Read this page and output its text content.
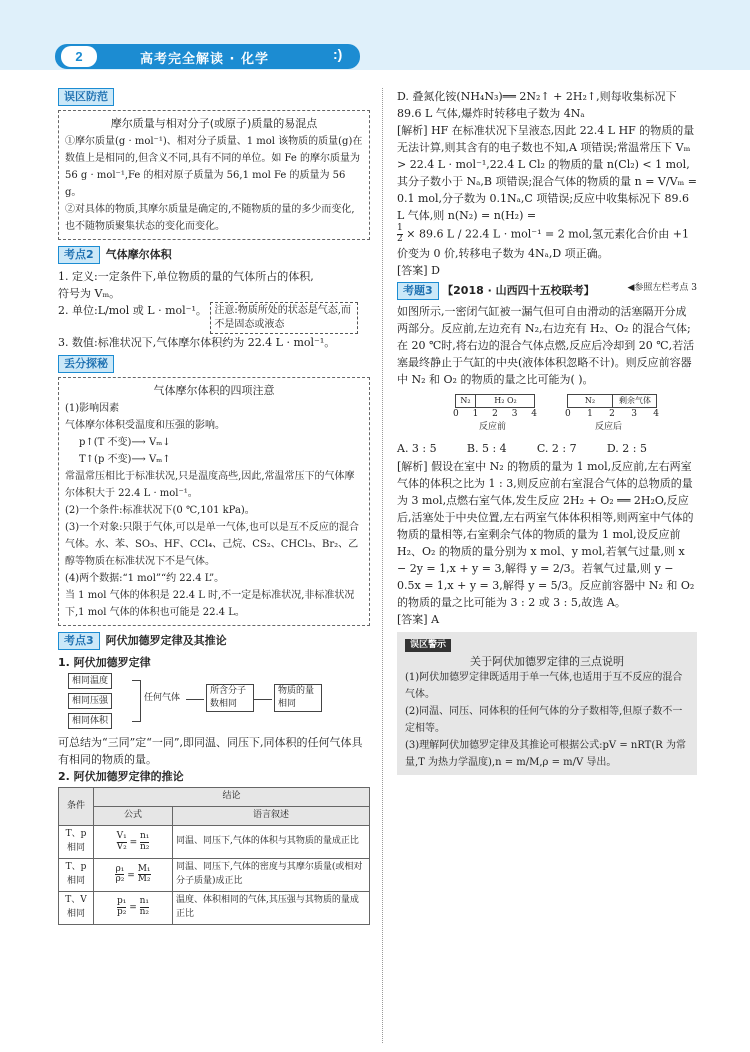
2	高考完全解读 · 化学	:)
误区防范
摩尔质量与相对分子(或原子)质量的易混点

①摩尔质量(g · mol⁻¹)、相对分子质量、1 mol 该物质的质量(g)在数值上是相同的,但含义不同,具有不同的单位。如 Fe 的摩尔质量为 56 g · mol⁻¹,Fe 的相对原子质量为 56,1 mol Fe 的质量为 56 g。

②对具体的物质,其摩尔质量是确定的,不随物质的量的多少而变化,也不随物质聚集状态的变化而变化。

考点2 气体摩尔体积

1. 定义:一定条件下,单位物质的量的气体所占的体积,

符号为 Vₘ。

2. 单位:L/mol 或 L · mol⁻¹。 注意:物质所处的状态是气态,而不是固态或液态

3. 数值:标准状况下,气体摩尔体积约为 22.4 L · mol⁻¹。

丢分探秘
气体摩尔体积的四项注意

(1)影响因素

气体摩尔体积受温度和压强的影响。

p↑(T 不变)⟶ Vₘ↓

T↑(p 不变)⟶ Vₘ↑

常温常压相比于标准状况,只是温度高些,因此,常温常压下的气体摩尔体积大于 22.4 L · mol⁻¹。

(2)一个条件:标准状况下(0 ℃,101 kPa)。

(3)一个对象:只限于气体,可以是单一气体,也可以是互不反应的混合气体。水、苯、SO₃、HF、CCl₄、己烷、CS₂、CHCl₃、Br₂、乙醇等物质在标准状况下不是气体。

(4)两个数据:“1 mol”“约 22.4 L”。

当 1 mol 气体的体积是 22.4 L 时,不一定是标准状况,非标准状况下,1 mol 气体的体积也可能是 22.4 L。

考点3 阿伏加德罗定律及其推论

1. 阿伏加德罗定律

相同温度
相同压强
相同体积
任何气体
所含分子数相同
物质的量相同

可总结为“三同”定“一同”,即同温、同压下,同体积的任何气体具有相同的物质的量。

2. 阿伏加德罗定律的推论

条件	结论	
	公式	语言叙述
T、p 相同	$\frac{\text{V₁}}{\text{V₂}} = \frac{\text{n₁}}{\text{n₂}}$	同温、同压下,气体的体积与其物质的量成正比
T、p 相同	$\frac{\text{ρ₁}}{\text{ρ₂}} = \frac{\text{M₁}}{\text{M₂}}$	同温、同压下,气体的密度与其摩尔质量(或相对分子质量)成正比
T、V 相同	$\frac{\text{p₁}}{\text{p₂}} = \frac{\text{n₁}}{\text{n₂}}$	温度、体积相同的气体,其压强与其物质的量成正比

D. 叠氮化铵(NH₄N₃)══ 2N₂↑ + 2H₂↑,则每收集标况下 89.6 L 气体,爆炸时转移电子数为 4Nₐ

[解析] HF 在标准状况下呈液态,因此 22.4 L HF 的物质的量无法计算,则其含有的电子数也不知,A 项错误;常温常压下 Vₘ > 22.4 L · mol⁻¹,22.4 L Cl₂ 的物质的量 n(Cl₂) < 1 mol,其分子数小于 Nₐ,B 项错误;混合气体的物质的量 n = V/Vₘ = 0.1 mol,分子数为 0.1Nₐ,C 项错误;反应中收集标况下 89.6 L 气体,则 n(N₂) = n(H₂) =

$\frac{1}{2} \times 89.6$ L / 22.4 L · mol⁻¹ = 2 mol,氢元素化合价由 +1 价变为 0 价,转移电子数为 4Nₐ,D 项正确。

[答案] D

考题3 【2018 · 山西四十五校联考】	◀参照左栏考点 3

如图所示,一密闭气缸被一漏气但可自由滑动的活塞隔开分成两部分。反应前,左边充有 N₂,右边充有 H₂、O₂ 的混合气体;在 20 ℃时,将右边的混合气体点燃,反应后冷却到 20 ℃,若活塞最终静止于气缸的中央(液体体积忽略不计)。则反应前容器中 N₂ 和 O₂ 的物质的量之比可能为( )。

N₂	H₂ O₂	N₂	剩余气体
0 1 2 3 4	0 1 2 3 4
反应前	反应后
A. 3 : 5	B. 5 : 4	C. 2 : 7	D. 2 : 5

[解析] 假设在室中 N₂ 的物质的量为 1 mol,反应前,左右两室气体的体积之比为 1 : 3,则反应前右室混合气体的总物质的量为 3 mol,点燃右室气体,发生反应 2H₂ + O₂ ══ 2H₂O,反应后,活塞处于中央位置,左右两室气体体积相等,则两室中气体的物质的量相等,右室剩余气体的物质的量为 1 mol,设反应前 H₂、O₂ 的物质的量分别为 x mol、y mol,若氧气过量,则 x − 2y = 1,x + y = 3,解得 y = 2/3。若氧气过量,则 y − 0.5x = 1,x + y = 3,解得 y = 5/3。反应前容器中 N₂ 和 O₂ 的物质的量之比可能为 3 : 2 或 3 : 5,故选 A。

[答案] A

误区警示
关于阿伏加德罗定律的三点说明

(1)阿伏加德罗定律既适用于单一气体,也适用于互不反应的混合气体。

(2)同温、同压、同体积的任何气体的分子数相等,但原子数不一定相等。

(3)理解阿伏加德罗定律及其推论可根据公式:pV = nRT(R 为常量,T 为热力学温度),n = m/M,ρ = m/V 导出。
